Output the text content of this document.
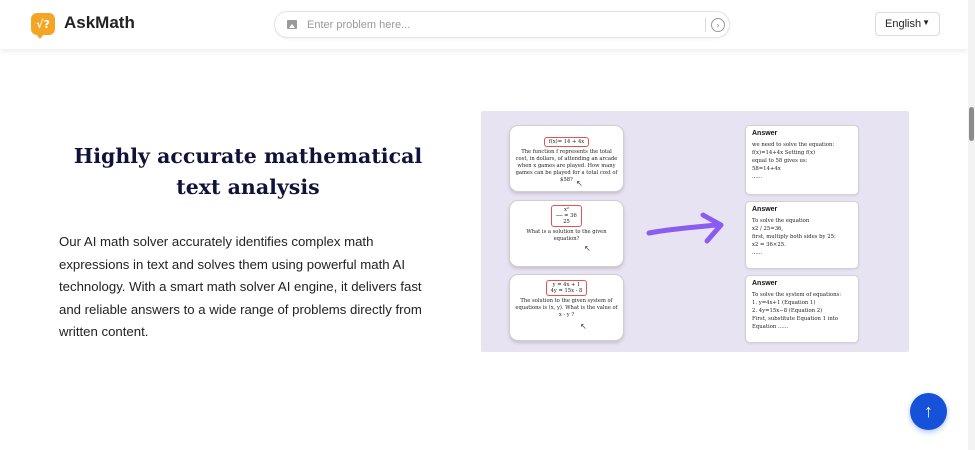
√? AskMath
Enter problem here...	›	English ▼
Highly accurate mathematical text analysis

Our AI math solver accurately identifies complex math expressions in text and solves them using powerful math AI technology. With a smart math solver AI engine, it delivers fast and reliable answers to a wide range of problems directly from written content.

f(x)= 14 + 4x
The function f represents the total cost, in dollars, of attending an arcade when x games are played. How many games can be played for a total cost of $58? ↖
x²
── = 36
25
What is a solution to the given equation?
↖
y = 4x + 1
4y = 15x - 8
The solution to the given system of equations is (x, y). What is the value of x - y ?
↖
Answer
we need to solve the equation:
f(x)=14+4x Setting f(x)
equal to 58 gives us:
58=14+4x
......
Answer
To solve the equation
x2 / 25=36,
first, multiply both sides by 25:
x2 = 36×25.
......
Answer
To solve the system of equations:
1. y=4x+1 (Equation 1)
2. 4y=15x−8 (Equation 2)
First, substitute Equation 1 into
Equation ......
↑
